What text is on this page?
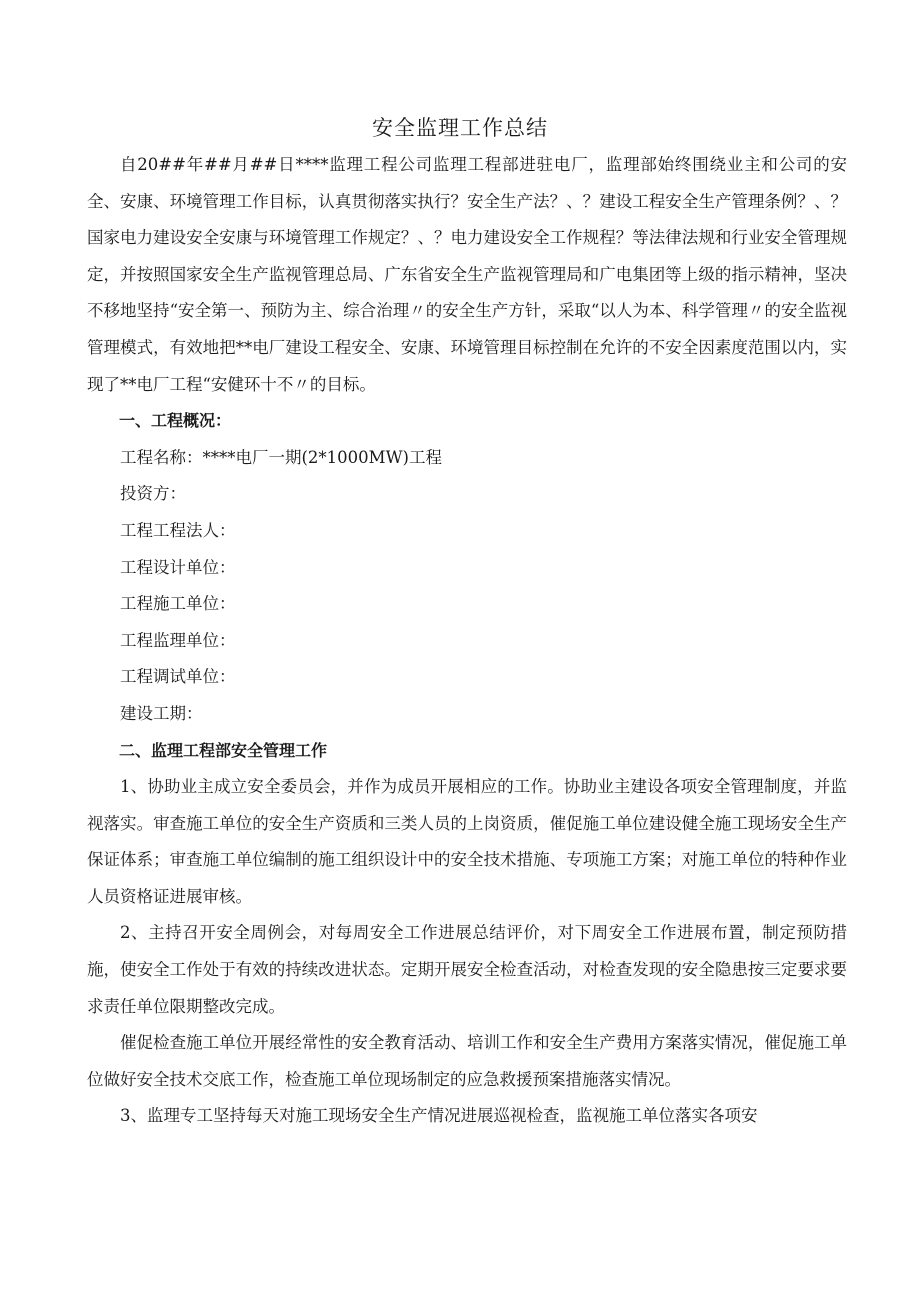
安全监理工作总结

自20##年##月##日****监理工程公司监理工程部进驻电厂，监理部始终围绕业主和公司的安全、安康、环境管理工作目标，认真贯彻落实执行？安全生产法？、？建设工程安全生产管理条例？、？国家电力建设安全安康与环境管理工作规定？、？电力建设安全工作规程？等法律法规和行业安全管理规定，并按照国家安全生产监视管理总局、广东省安全生产监视管理局和广电集团等上级的指示精神，坚决不移地坚持“安全第一、预防为主、综合治理〃的安全生产方针，采取“以人为本、科学管理〃的安全监视管理模式，有效地把**电厂建设工程安全、安康、环境管理目标控制在允许的不安全因素度范围以内，实现了**电厂工程“安健环十不〃的目标。

一、工程概况：

工程名称：****电厂一期(2*1000MW)工程

投资方：

工程工程法人：

工程设计单位：

工程施工单位：

工程监理单位：

工程调试单位：

建设工期：

二、监理工程部安全管理工作

1、协助业主成立安全委员会，并作为成员开展相应的工作。协助业主建设各项安全管理制度，并监视落实。审查施工单位的安全生产资质和三类人员的上岗资质，催促施工单位建设健全施工现场安全生产保证体系；审查施工单位编制的施工组织设计中的安全技术措施、专项施工方案；对施工单位的特种作业人员资格证进展审核。

2、主持召开安全周例会，对每周安全工作进展总结评价，对下周安全工作进展布置，制定预防措施，使安全工作处于有效的持续改进状态。定期开展安全检查活动，对检查发现的安全隐患按三定要求要求责任单位限期整改完成。

催促检查施工单位开展经常性的安全教育活动、培训工作和安全生产费用方案落实情况，催促施工单位做好安全技术交底工作，检查施工单位现场制定的应急救援预案措施落实情况。

3、监理专工坚持每天对施工现场安全生产情况进展巡视检查，监视施工单位落实各项安
